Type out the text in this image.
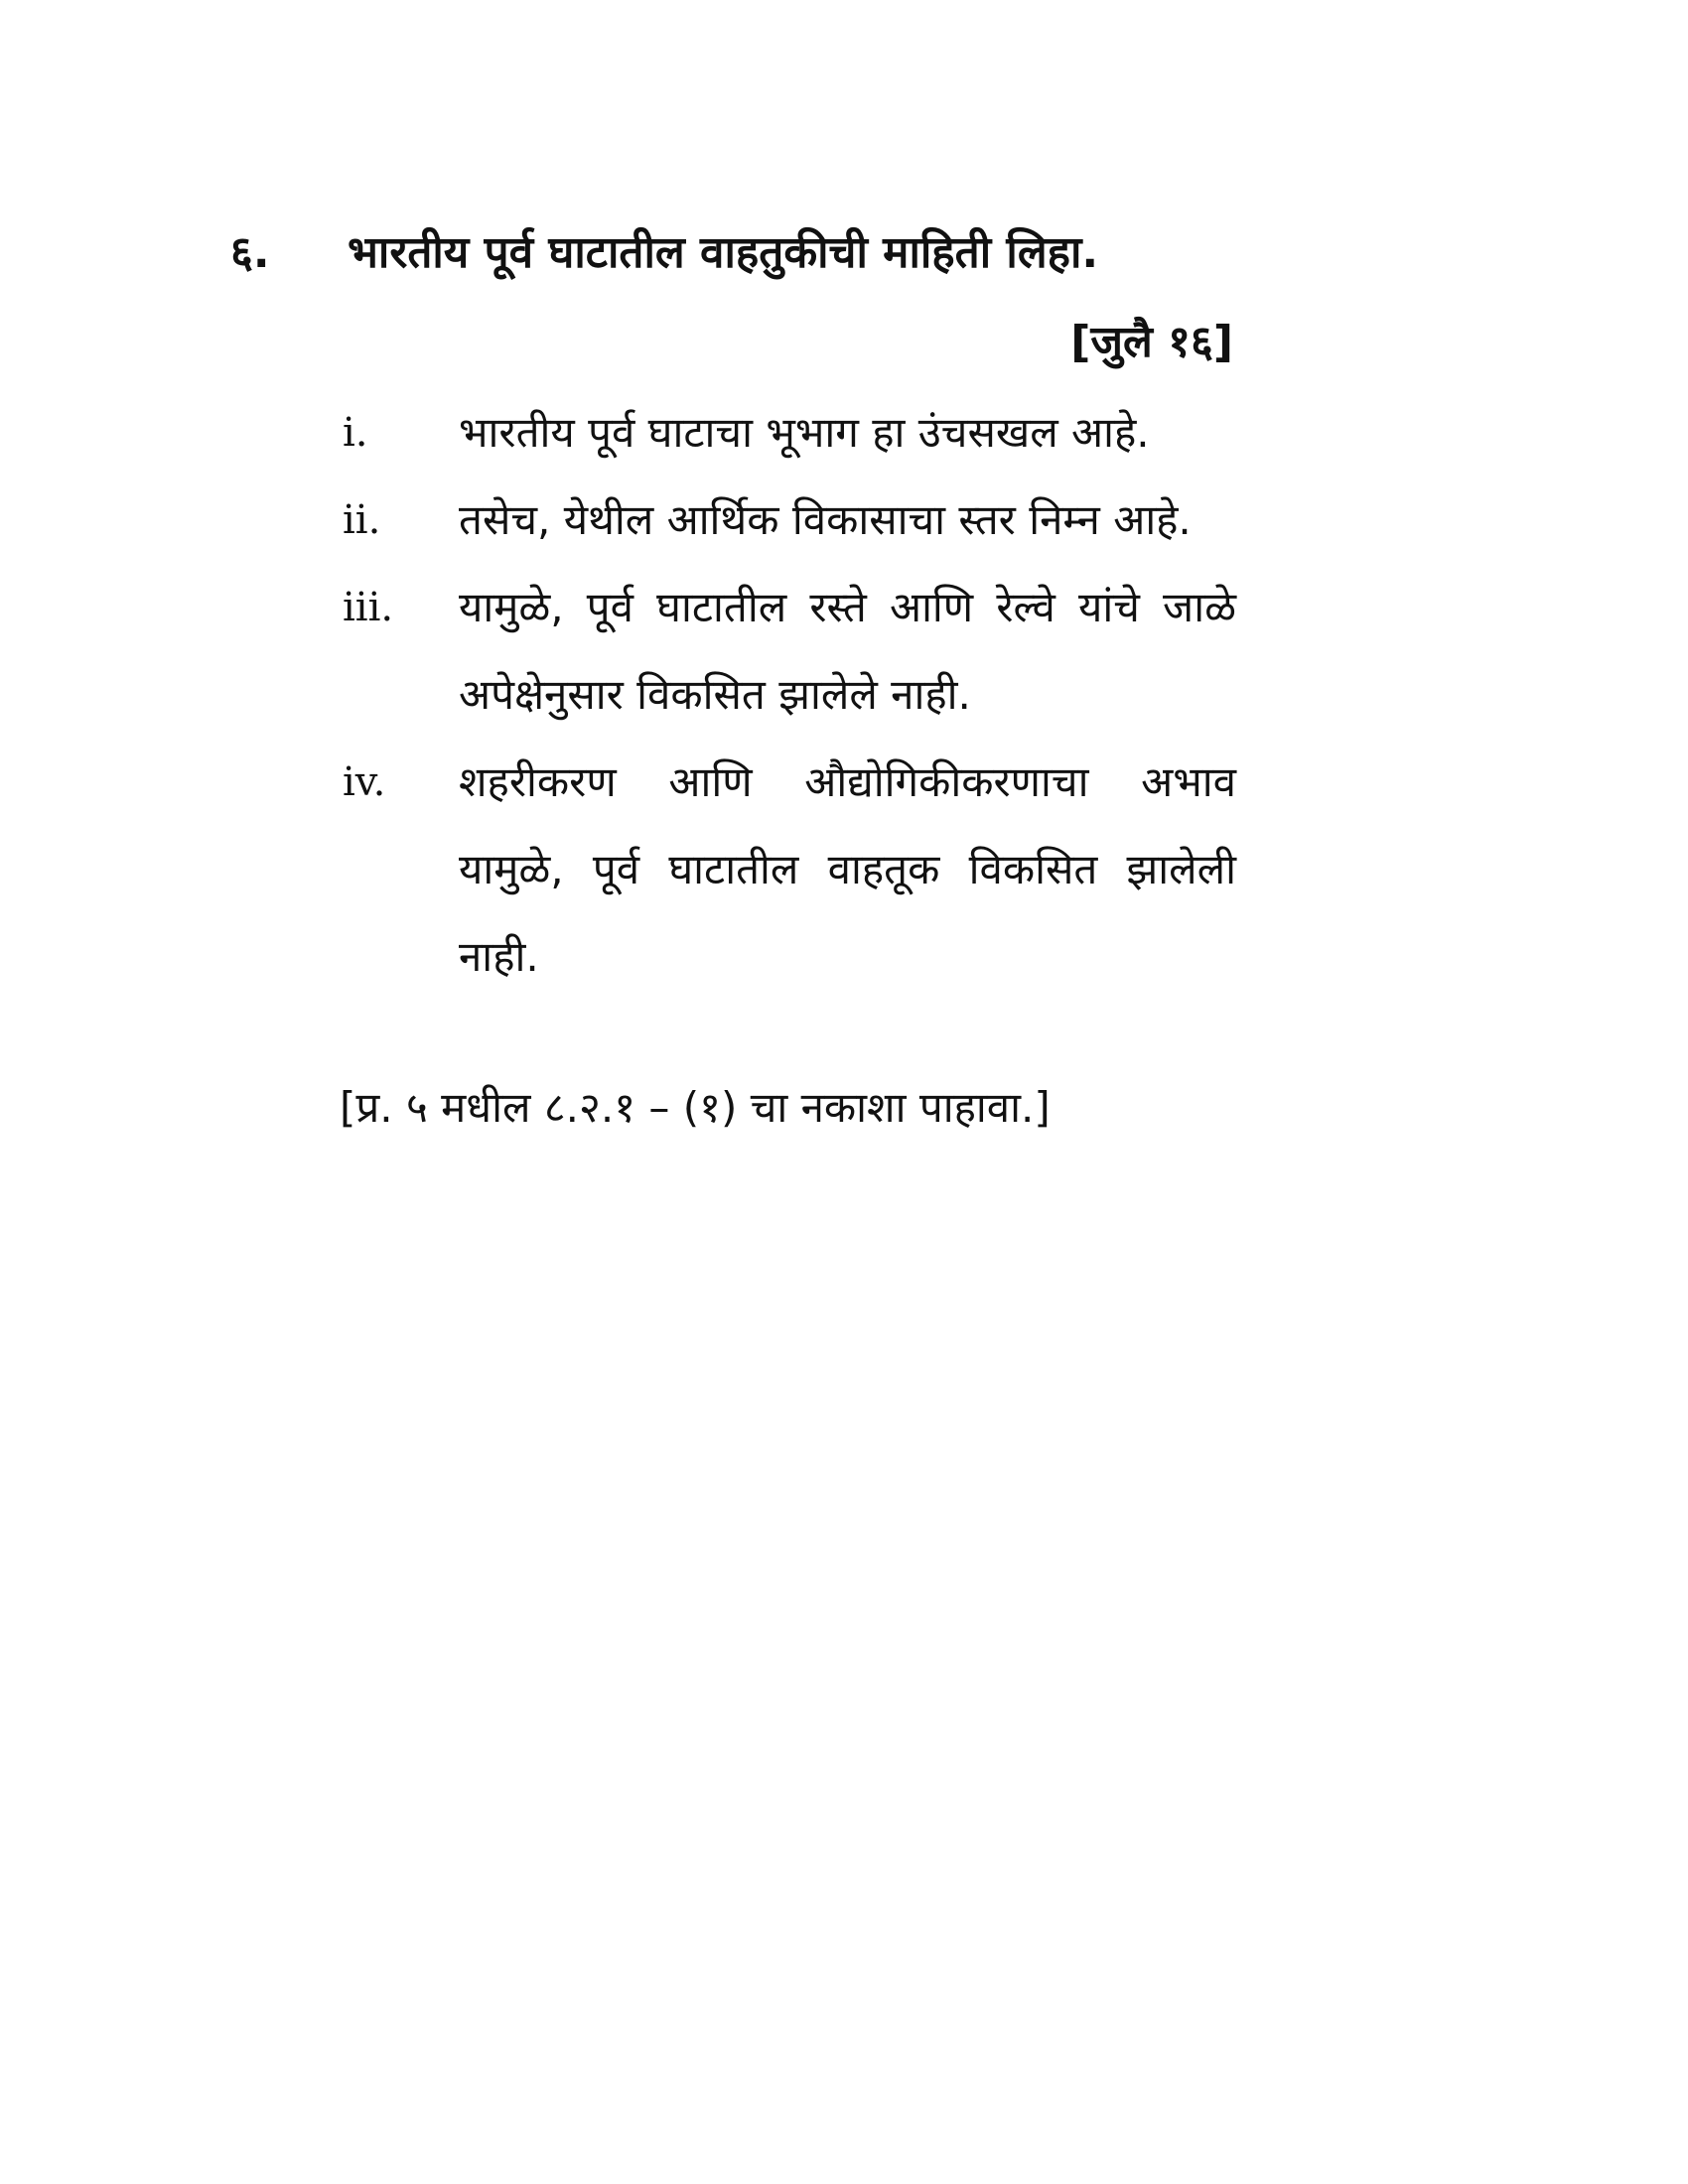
६. भारतीय पूर्व घाटातील वाहतुकीची माहिती लिहा.
[जुलै १६]
i. भारतीय पूर्व घाटाचा भूभाग हा उंचसखल आहे.
ii. तसेच, येथील आर्थिक विकासाचा स्तर निम्न आहे.
iii. यामुळे, पूर्व घाटातील रस्ते आणि रेल्वे यांचे जाळे अपेक्षेनुसार विकसित झालेले नाही.
iv. शहरीकरण आणि औद्योगिकीकरणाचा अभाव यामुळे, पूर्व घाटातील वाहतूक विकसित झालेली नाही.
[प्र. ५ मधील ८.२.१ – (१) चा नकाशा पाहावा.]
